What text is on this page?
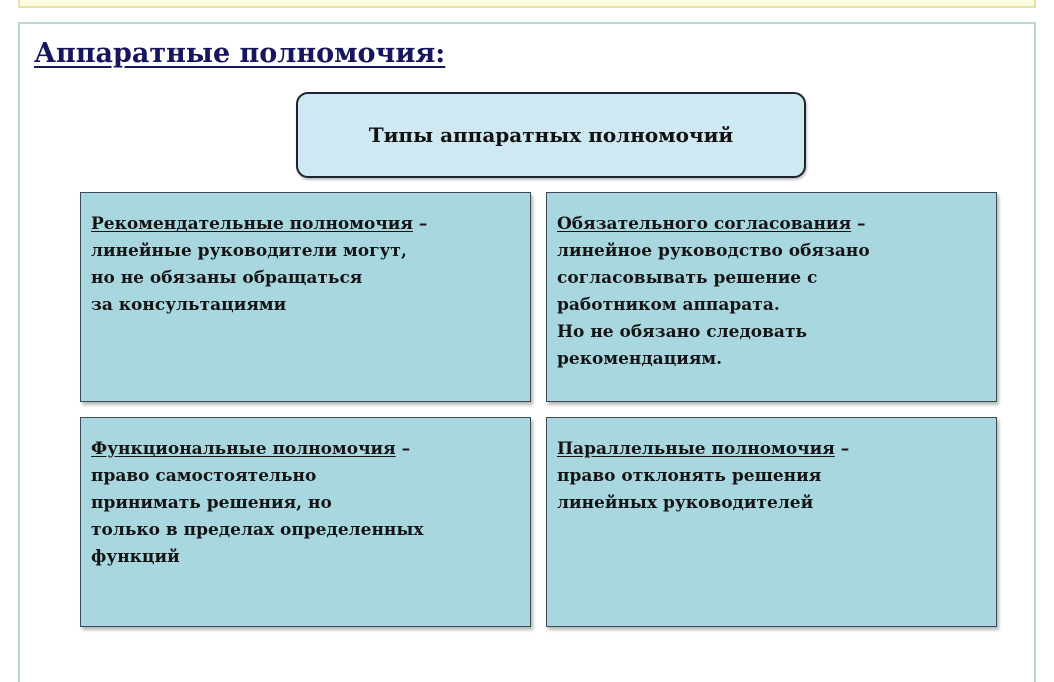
Аппаратные полномочия:
Типы аппаратных полномочий

Рекомендательные полномочия –

линейные руководители могут,

но не обязаны обращаться

за консультациями

Обязательного согласования –

линейное руководство обязано

согласовывать решение с

работником аппарата.

Но не обязано следовать

рекомендациям.

Функциональные полномочия –

право самостоятельно

принимать решения, но

только в пределах определенных

функций

Параллельные полномочия –

право отклонять решения

линейных руководителей
